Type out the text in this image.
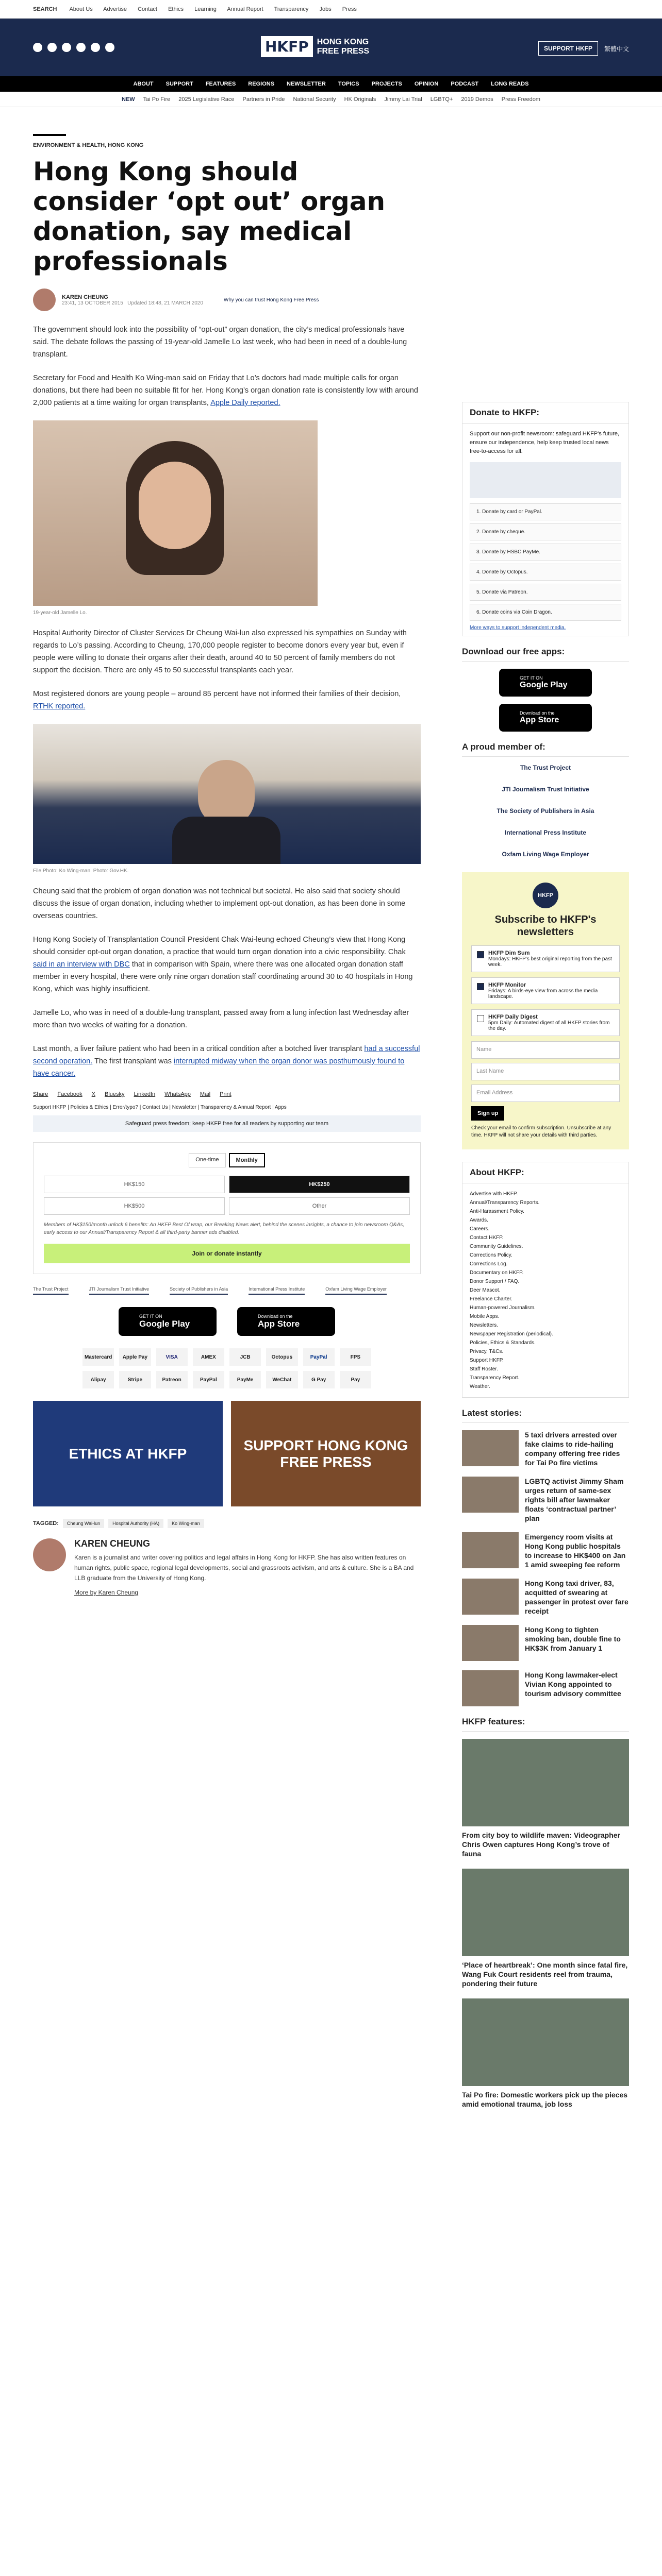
SEARCH About Us Advertise Contact Ethics Learning Annual Report Transparency Jobs Press
HKFP	HONG KONG
FREE PRESS	SUPPORT HKFP	繁體中文
ABOUT SUPPORT FEATURES REGIONS NEWSLETTER TOPICS PROJECTS OPINION PODCAST LONG READS
NEW Tai Po Fire 2025 Legislative Race Partners in Pride National Security HK Originals Jimmy Lai Trial LGBTQ+ 2019 Demos Press Freedom
ENVIRONMENT & HEALTH, HONG KONG
Hong Kong should consider ‘opt out’ organ donation, say medical professionals
KAREN CHEUNG
23:41, 13 OCTOBER 2015 Updated 18:48, 21 MARCH 2020
Why you can trust Hong Kong Free Press

The government should look into the possibility of “opt-out” organ donation, the city’s medical professionals have said. The debate follows the passing of 19-year-old Jamelle Lo last week, who had been in need of a double-lung transplant.

Secretary for Food and Health Ko Wing-man said on Friday that Lo’s doctors had made multiple calls for organ donations, but there had been no suitable fit for her. Hong Kong’s organ donation rate is consistently low with around 2,000 patients at a time waiting for organ transplants, Apple Daily reported.

19-year-old Jamelle Lo.

Hospital Authority Director of Cluster Services Dr Cheung Wai-lun also expressed his sympathies on Sunday with regards to Lo’s passing. According to Cheung, 170,000 people register to become donors every year but, even if people were willing to donate their organs after their death, around 40 to 50 percent of family members do not support the decision. There are only 45 to 50 successful transplants each year.

Most registered donors are young people – around 85 percent have not informed their families of their decision, RTHK reported.

File Photo: Ko Wing-man. Photo: Gov.HK.

Cheung said that the problem of organ donation was not technical but societal. He also said that society should discuss the issue of organ donation, including whether to implement opt-out donation, as has been done in some overseas countries.

Hong Kong Society of Transplantation Council President Chak Wai-leung echoed Cheung’s view that Hong Kong should consider opt-out organ donation, a practice that would turn organ donation into a civic responsibility. Chak said in an interview with DBC that in comparison with Spain, where there was one allocated organ donation staff member in every hospital, there were only nine organ donation staff coordinating around 30 to 40 hospitals in Hong Kong, which was highly insufficient.

Jamelle Lo, who was in need of a double-lung transplant, passed away from a lung infection last Wednesday after more than two weeks of waiting for a donation.

Last month, a liver failure patient who had been in a critical condition after a botched liver transplant had a successful second operation. The first transplant was interrupted midway when the organ donor was posthumously found to have cancer.

Share Facebook X Bluesky LinkedIn WhatsApp Mail Print
Support HKFP | Policies & Ethics | Error/typo? | Contact Us | Newsletter | Transparency & Annual Report | Apps
Safeguard press freedom; keep HKFP free for all readers by supporting our team
One-time	Monthly
HK$150	HK$250
HK$500	Other
Members of HK$150/month unlock 6 benefits: An HKFP Best Of wrap, our Breaking News alert, behind the scenes insights, a chance to join newsroom Q&As, early access to our Annual/Transparency Report & all third-party banner ads disabled.
Join or donate instantly
The Trust Project	JTI Journalism Trust Initiative	Society of Publishers in Asia	International Press Institute	Oxfam Living Wage Employer
GET IT ON
Google Play
Download on the
App Store
Mastercard	Apple Pay	VISA	AMEX	JCB	Octopus	PayPal	FPS
Alipay	Stripe	Patreon	PayPal	PayMe	WeChat	G Pay	Pay
ETHICS AT HKFP
SUPPORT HONG KONG FREE PRESS
TAGGED:	Cheung Wai-lun	Hospital Authority (HA)	Ko Wing-man
KAREN CHEUNG

Karen is a journalist and writer covering politics and legal affairs in Hong Kong for HKFP. She has also written features on human rights, public space, regional legal developments, social and grassroots activism, and arts & culture. She is a BA and LLB graduate from the University of Hong Kong.

More by Karen Cheung

Donate to HKFP:
Support our non-profit newsroom: safeguard HKFP's future, ensure our independence, help keep trusted local news free-to-access for all.
1. Donate by card or PayPal.
2. Donate by cheque.
3. Donate by HSBC PayMe.
4. Donate by Octopus.
5. Donate via Patreon.
6. Donate coins via Coin Dragon.
More ways to support independent media.
Download our free apps:
GET IT ON
Google Play
Download on the
App Store
A proud member of:
The Trust Project
JTI Journalism Trust Initiative
The Society of Publishers in Asia
International Press Institute
Oxfam Living Wage Employer
HKFP
Subscribe to HKFP's newsletters
HKFP Dim Sum
Mondays: HKFP's best original reporting from the past week.
HKFP Monitor
Fridays: A birds-eye view from across the media landscape.
HKFP Daily Digest
5pm Daily: Automated digest of all HKFP stories from the day.
Name
Last Name
Email Address
Sign up
Check your email to confirm subscription. Unsubscribe at any time. HKFP will not share your details with third parties.
About HKFP:
Advertise with HKFP.
Annual/Transparency Reports.
Anti-Harassment Policy.
Awards.
Careers.
Contact HKFP.
Community Guidelines.
Corrections Policy.
Corrections Log.
Documentary on HKFP.
Donor Support / FAQ.
Deer Mascot.
Freelance Charter.
Human-powered Journalism.
Mobile Apps.
Newsletters.
Newspaper Registration (periodical).
Policies, Ethics & Standards.
Privacy, T&Cs.
Support HKFP.
Staff Roster.
Transparency Report.
Weather.
Latest stories:
5 taxi drivers arrested over fake claims to ride-hailing company offering free rides for Tai Po fire victims
LGBTQ activist Jimmy Sham urges return of same-sex rights bill after lawmaker floats ‘contractual partner’ plan
Emergency room visits at Hong Kong public hospitals to increase to HK$400 on Jan 1 amid sweeping fee reform
Hong Kong taxi driver, 83, acquitted of swearing at passenger in protest over fare receipt
Hong Kong to tighten smoking ban, double fine to HK$3K from January 1
Hong Kong lawmaker-elect Vivian Kong appointed to tourism advisory committee
HKFP features:
From city boy to wildlife maven: Videographer Chris Owen captures Hong Kong’s trove of fauna
‘Place of heartbreak’: One month since fatal fire, Wang Fuk Court residents reel from trauma, pondering their future
Tai Po fire: Domestic workers pick up the pieces amid emotional trauma, job loss
